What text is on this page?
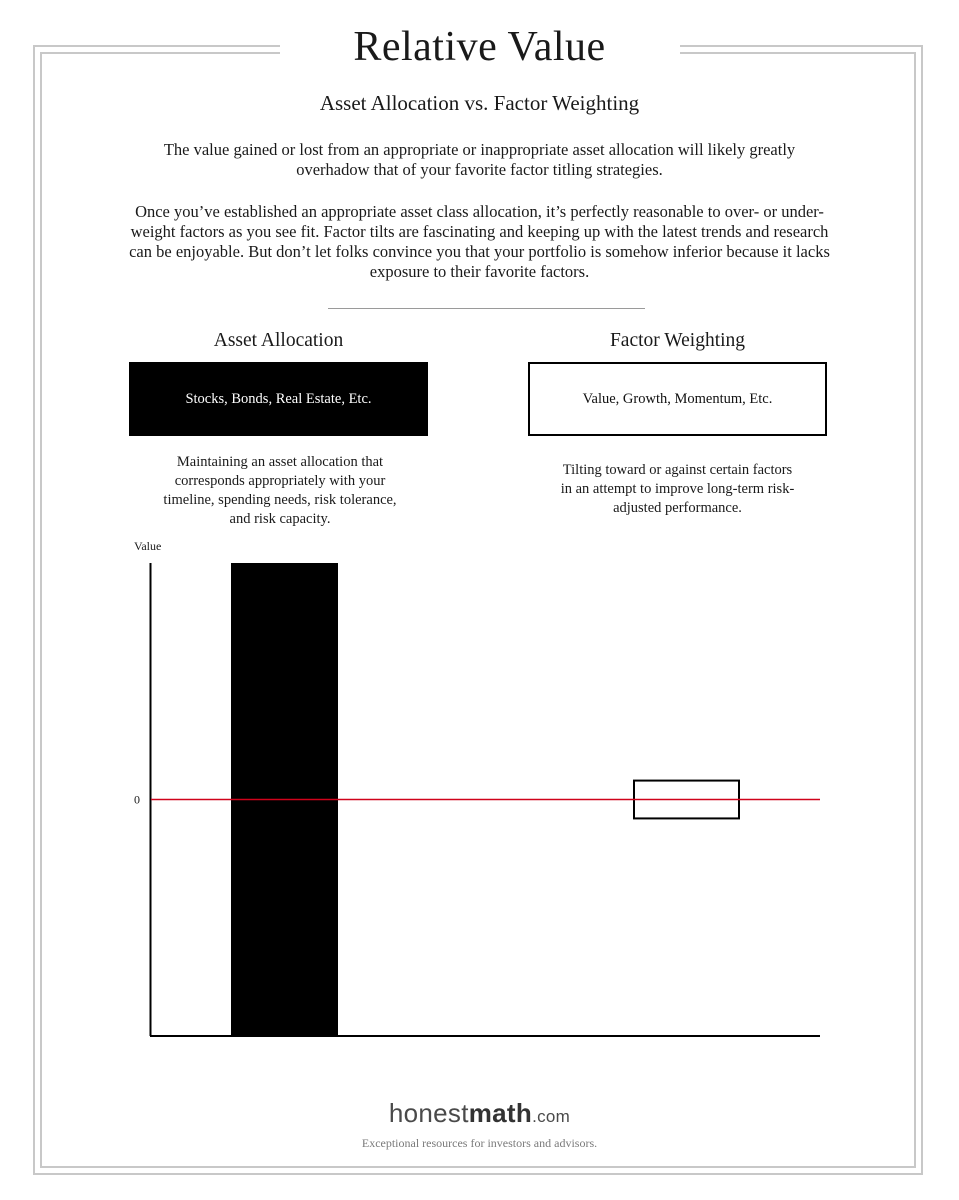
Relative Value
Asset Allocation vs. Factor Weighting
The value gained or lost from an appropriate or inappropriate asset allocation will likely greatly
overhadow that of your favorite factor titling strategies.
Once you’ve established an appropriate asset class allocation, it’s perfectly reasonable to over- or under-
weight factors as you see fit. Factor tilts are fascinating and keeping up with the latest trends and research
can be enjoyable. But don’t let folks convince you that your portfolio is somehow inferior because it lacks
exposure to their favorite factors.
Asset Allocation	Factor Weighting
Stocks, Bonds, Real Estate, Etc.	Value, Growth, Momentum, Etc.
Maintaining an asset allocation that
corresponds appropriately with your
timeline, spending needs, risk tolerance,
and risk capacity.
Tilting toward or against certain factors
in an attempt to improve long-term risk-
adjusted performance.
Value
0
honestmath.com
Exceptional resources for investors and advisors.
